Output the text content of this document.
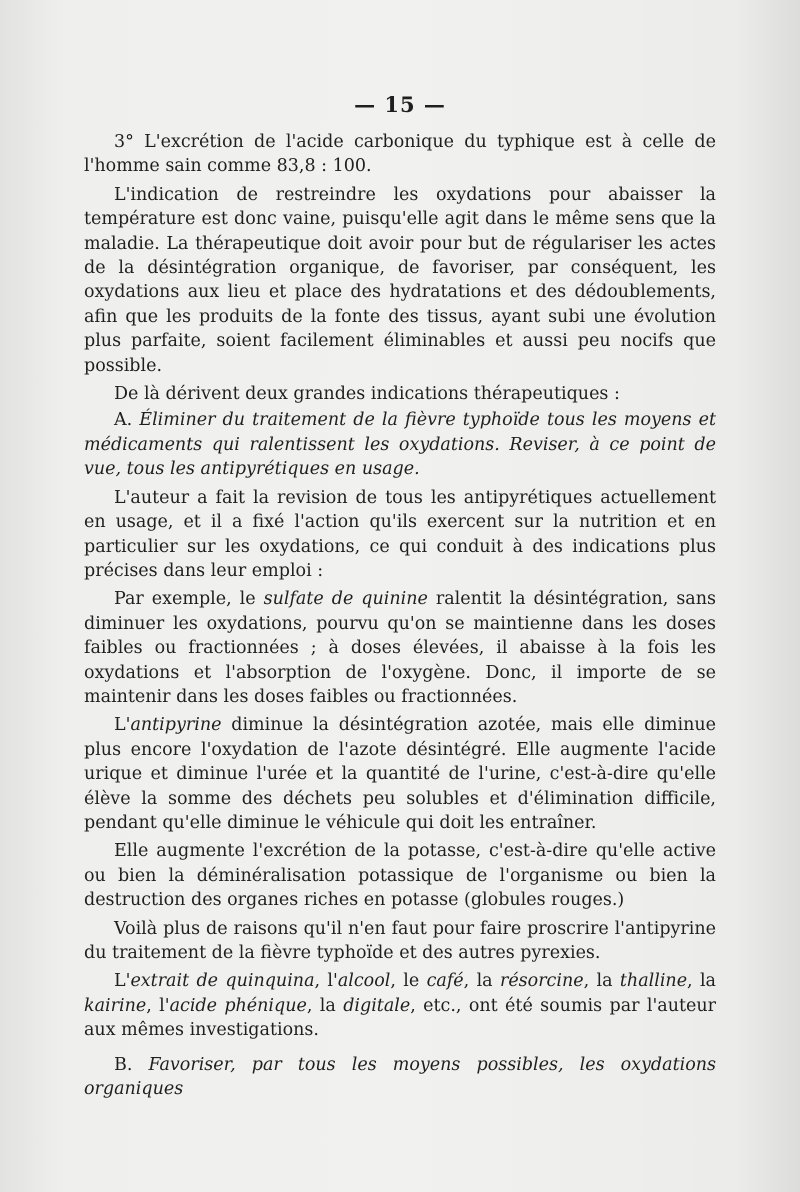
— 15 —

3° L'excrétion de l'acide carbonique du typhique est à celle de l'homme sain comme 83,8 : 100.

L'indication de restreindre les oxydations pour abaisser la température est donc vaine, puisqu'elle agit dans le même sens que la maladie. La thérapeutique doit avoir pour but de régulariser les actes de la désintégration organique, de favoriser, par conséquent, les oxydations aux lieu et place des hydratations et des dédoublements, afin que les produits de la fonte des tissus, ayant subi une évolution plus parfaite, soient facilement éliminables et aussi peu nocifs que possible.

De là dérivent deux grandes indications thérapeutiques :

A. Éliminer du traitement de la fièvre typhoïde tous les moyens et médicaments qui ralentissent les oxydations. Reviser, à ce point de vue, tous les antipyrétiques en usage.

L'auteur a fait la revision de tous les antipyrétiques actuellement en usage, et il a fixé l'action qu'ils exercent sur la nutrition et en particulier sur les oxydations, ce qui conduit à des indications plus précises dans leur emploi :

Par exemple, le sulfate de quinine ralentit la désintégration, sans diminuer les oxydations, pourvu qu'on se maintienne dans les doses faibles ou fractionnées ; à doses élevées, il abaisse à la fois les oxydations et l'absorption de l'oxygène. Donc, il importe de se maintenir dans les doses faibles ou fractionnées.

L'antipyrine diminue la désintégration azotée, mais elle diminue plus encore l'oxydation de l'azote désintégré. Elle augmente l'acide urique et diminue l'urée et la quantité de l'urine, c'est-à-dire qu'elle élève la somme des déchets peu solubles et d'élimination difficile, pendant qu'elle diminue le véhicule qui doit les entraîner.

Elle augmente l'excrétion de la potasse, c'est-à-dire qu'elle active ou bien la déminéralisation potassique de l'organisme ou bien la destruction des organes riches en potasse (globules rouges.)

Voilà plus de raisons qu'il n'en faut pour faire proscrire l'antipyrine du traitement de la fièvre typhoïde et des autres pyrexies.

L'extrait de quinquina, l'alcool, le café, la résorcine, la thalline, la kairine, l'acide phénique, la digitale, etc., ont été soumis par l'auteur aux mêmes investigations.

B. Favoriser, par tous les moyens possibles, les oxydations organiques
